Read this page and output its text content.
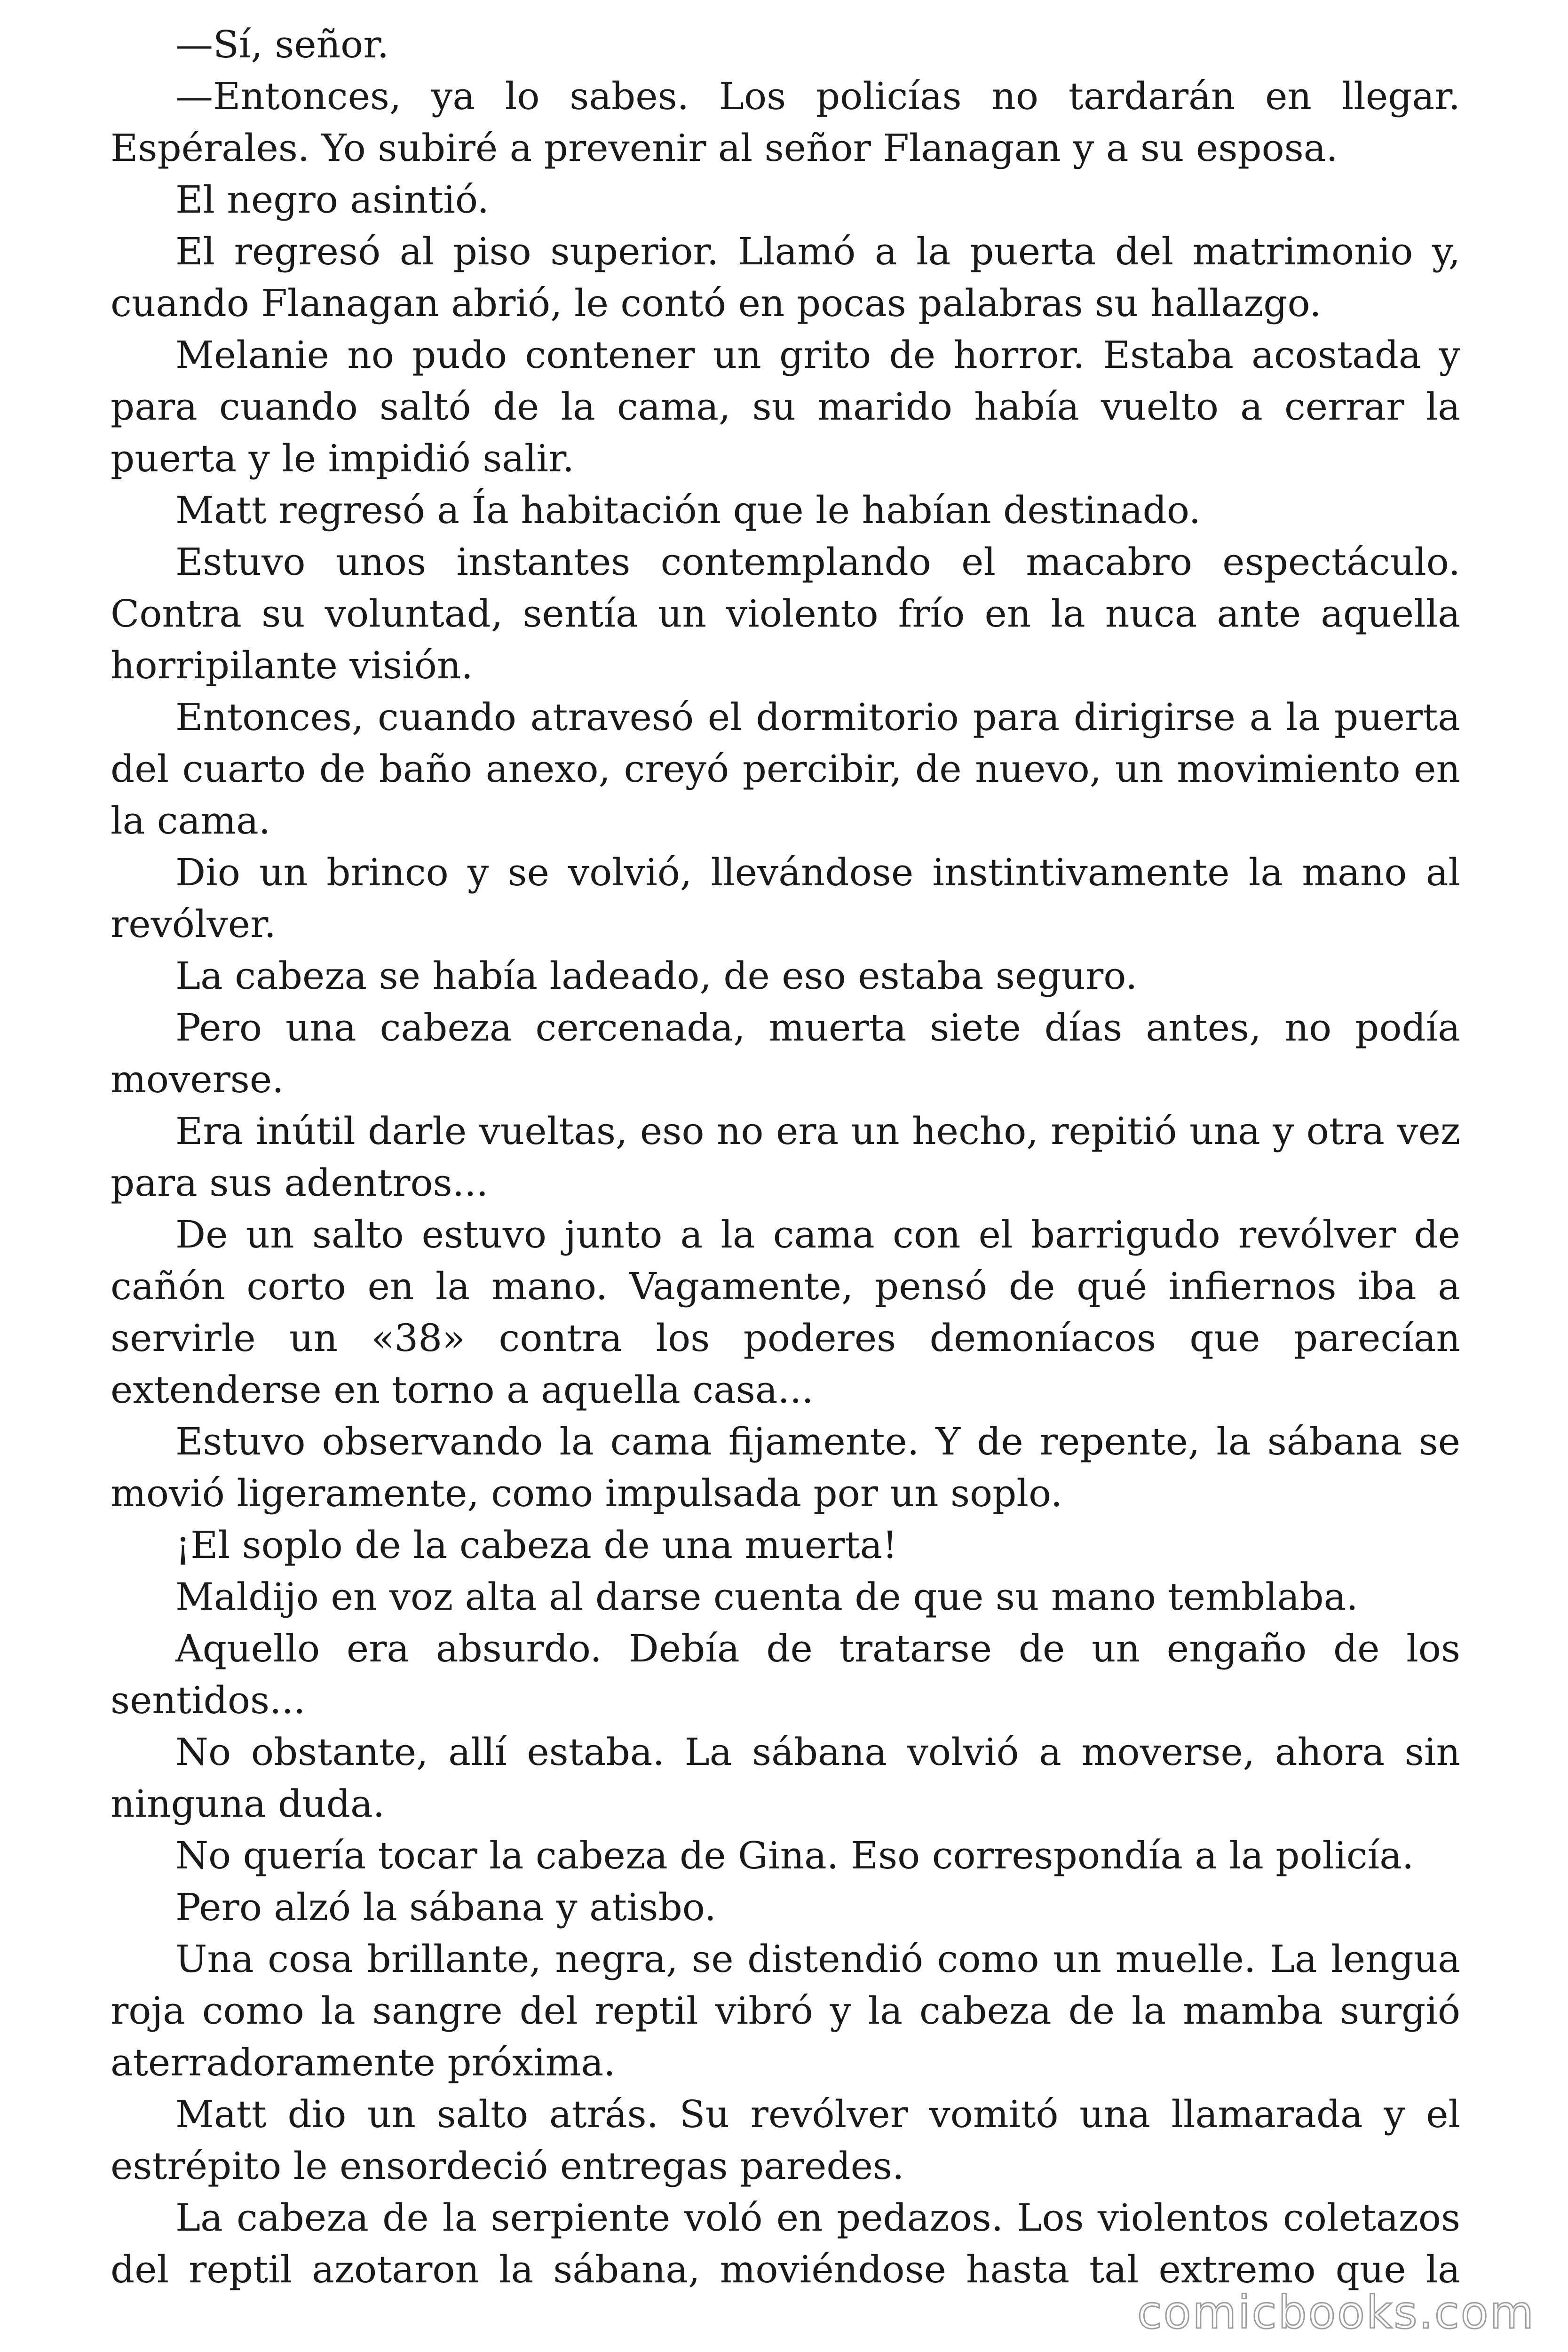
—Sí, señor.

—Entonces, ya lo sabes. Los policías no tardarán en llegar. Espérales. Yo subiré a prevenir al señor Flanagan y a su esposa.

El negro asintió.

El regresó al piso superior. Llamó a la puerta del matrimonio y, cuando Flanagan abrió, le contó en pocas palabras su hallazgo.

Melanie no pudo contener un grito de horror. Estaba acostada y para cuando saltó de la cama, su marido había vuelto a cerrar la puerta y le impidió salir.

Matt regresó a Ía habitación que le habían destinado.

Estuvo unos instantes contemplando el macabro espectáculo. Contra su voluntad, sentía un violento frío en la nuca ante aquella horripilante visión.

Entonces, cuando atravesó el dormitorio para dirigirse a la puerta del cuarto de baño anexo, creyó percibir, de nuevo, un movimiento en la cama.

Dio un brinco y se volvió, llevándose instintivamente la mano al revólver.

La cabeza se había ladeado, de eso estaba seguro.

Pero una cabeza cercenada, muerta siete días antes, no podía moverse.

Era inútil darle vueltas, eso no era un hecho, repitió una y otra vez para sus adentros...

De un salto estuvo junto a la cama con el barrigudo revólver de cañón corto en la mano. Vagamente, pensó de qué infiernos iba a servirle un «38» contra los poderes demoníacos que parecían extenderse en torno a aquella casa...

Estuvo observando la cama fijamente. Y de repente, la sábana se movió ligeramente, como impulsada por un soplo.

¡El soplo de la cabeza de una muerta!

Maldijo en voz alta al darse cuenta de que su mano temblaba.

Aquello era absurdo. Debía de tratarse de un engaño de los sentidos...

No obstante, allí estaba. La sábana volvió a moverse, ahora sin ninguna duda.

No quería tocar la cabeza de Gina. Eso correspondía a la policía.

Pero alzó la sábana y atisbo.

Una cosa brillante, negra, se distendió como un muelle. La lengua roja como la sangre del reptil vibró y la cabeza de la mamba surgió aterradoramente próxima.

Matt dio un salto atrás. Su revólver vomitó una llamarada y el estrépito le ensordeció entregas paredes.

La cabeza de la serpiente voló en pedazos. Los violentos coletazos del reptil azotaron la sábana, moviéndose hasta tal extremo que la

comicbooks.com
